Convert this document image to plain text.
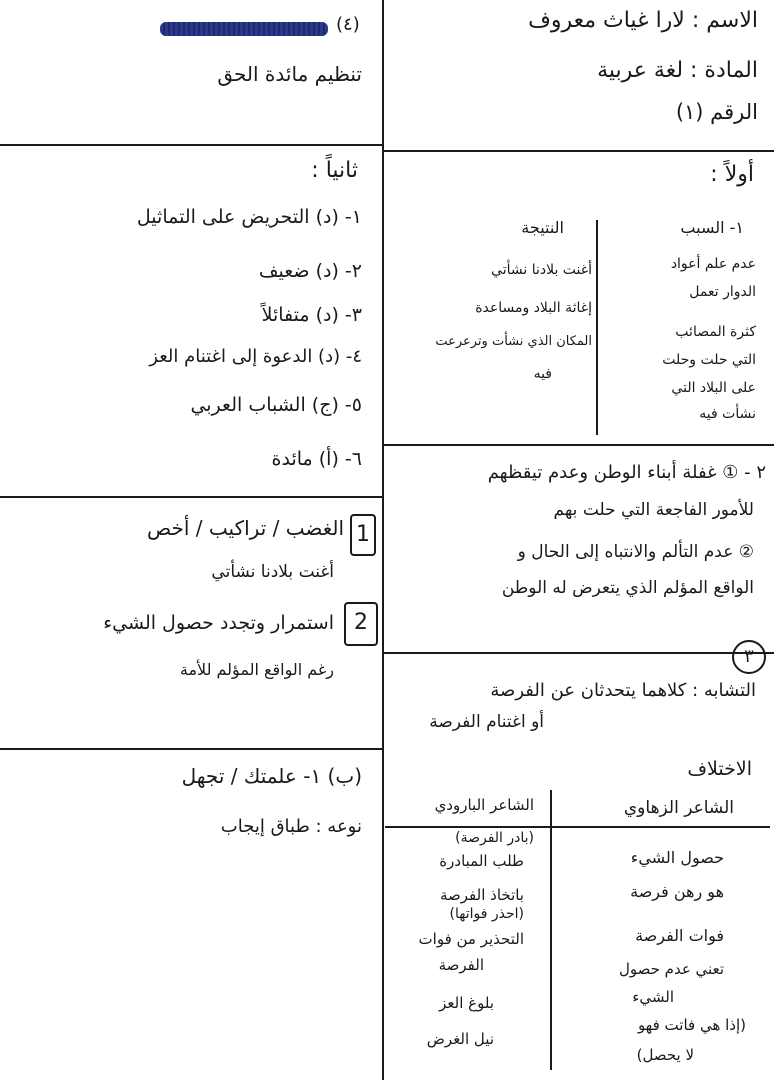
الاسم : لارا غياث معروف
المادة : لغة عربية
الرقم (١)
أولاً :
١- السبب
النتيجة
عدم علم أعواد
الدوار تعمل
كثرة المصائب
التي حلت وحلت
على البلاد التي
نشأت فيه
أغنت بلادنا نشأتي
إغاثة البلاد ومساعدة
المكان الذي نشأت وترعرعت
فيه
٢ - ① غفلة أبناء الوطن وعدم تيقظهم
للأمور الفاجعة التي حلت بهم
② عدم التألم والانتباه إلى الحال و
الواقع المؤلم الذي يتعرض له الوطن
٣
التشابه : كلاهما يتحدثان عن الفرصة
أو اغتنام الفرصة
الاختلاف
الشاعر الزهاوي
الشاعر البارودي
حصول الشيء
هو رهن فرصة
فوات الفرصة
تعني عدم حصول
الشيء
(إذا هي فاتت فهو
لا يحصل)
(بادر الفرصة)
طلب المبادرة
باتخاذ الفرصة
(احذر فواتها)
التحذير من فوات
الفرصة
بلوغ العز
نيل الغرض
(٤)
تنظيم مائدة الحق
ثانياً :
١- (د) التحريض على التماثيل
٢- (د) ضعيف
٣- (د) متفائلاً
٤- (د) الدعوة إلى اغتنام العز
٥- (ج) الشباب العربي
٦- (أ) مائدة
1
الغضب / تراكيب / أخص
أغنت بلادنا نشأتي
2
استمرار وتجدد حصول الشيء
رغم الواقع المؤلم للأمة
(ب) ١- علمتك / تجهل
نوعه : طباق إيجاب
